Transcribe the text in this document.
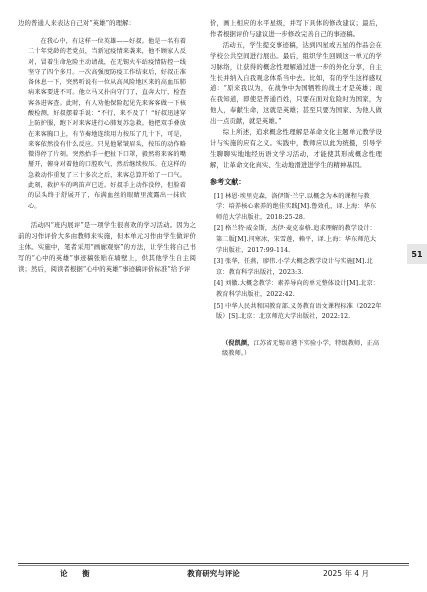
边的普通人来表达自己对“英雄”的理解：

在我心中，有这样一位英雄——好叔。他是一名有着二十年党龄的老党员，当新冠疫情来袭来，他不顾家人反对，冒着生命危险主动请战，在无锡火车站疫情防控一线坚守了四个多月。一次高强度防疫工作结束后，好叔正准备休息一下，突然听说有一位从高风险地区来的高血压肺病来客要进不可。他立马又扑向守门了，直奔大厅，检查客各进客查。此时，有人劝他保险起见先来客客做一下核酸检测，好叔摆着手说：“不行，来不及了！”好叔迅速穿上防护服，跑下对来客进行心肺复苏急救。他把双手叠放在来客胸口上，有节奏地连续用力按压了几十下，可是，来客依然没有什么反应。只见他紧皱眉头，按压的动作略微得停了片刻。突然抬手一把扯下口罩，毅然将来客的嘴掰开，俯身对着他的口腔吹气，然后继续按压。在这样的急救动作重复了三十多次之后，来客总算开始了一口气。此刻，救护车的鸣笛声已近。好叔手上动作没停，但脸着的层头终于舒展开了，布满血丝的眼睛里流露出一抹欣心。

活动四“班内展评”是一项学生很喜欢的学习活动。因为之前的习作评价大多由教师来实施，但本单元习作由学生做评价主体。实施中，笔者采用“画廊观察”的方法，让学生将自己书写的“心中的英雄”事迹稿张贴在墙壁上，供其他学生自主阅读；然后，阅读者根据“心中的英雄”事迹稿评价标准”给予评

价，画上相应的水平星级，并写下具体的修改建议；最后，作者根据评价与建议进一步修改完善自己的事迹稿。

活动五，学生提交事迹稿，达到四星或五星的作品会在学校公共空间进行展出。最后，组织学生回顾这一单元的学习脉络，让获得的概念性理解通过进一步的外化分享，自主生长并纳入自我观念体系当中去。比如，有的学生这样感叹道：“原来我以为，在战争中为国牺牲的战士才是英雄；现在我知道，即使是普通百姓，只要在面对危险时为国家，为他人，奉献生命，这就是英雄；甚至只要为国家、为他人做出一点贡献，就是英雄。”

综上所述，追求概念性理解是革命文化主题单元教学设计与实施的应有之义。实践中，教师应以此为统摄，引导学生聊聊实地地经历语文学习活动，才能使其形成概念性理解，让革命文化真实、生动地滑进进学生的精神基因。

参考文献：
[1] 林恩·埃里克森，洛伊斯·兰宁.以概念为本的课程与教学：培养核心素养的绝佳实践[M].鲁效孔，译.上海：华东师范大学出版社，2018:25-28.
[2] 格兰特·威金斯，杰伊·麦克泰格.追求理解的教学设计：第二版[M].闫寒冰，宋雪莲，赖平，译.上海：华东师范大学出版社，2017:99-114.
[3] 张华，任燕，廖伟.小学大概念教学设计与实施[M].北京：教育科学出版社，2023:3.
[4] 刘徽.大概念教学：素养导向的单元整体设计[M].北京：教育科学出版社，2022:42.
[5] 中华人民共和国教育部.义务教育语文课程标准（2022年版）[S].北京：北京师范大学出版社，2022:12.
（倪凯颜，江苏省无锡市港下实验小学，特级教师，正高级教师。）
51
论 衡	教育研究与评论	2025 年 4 月
